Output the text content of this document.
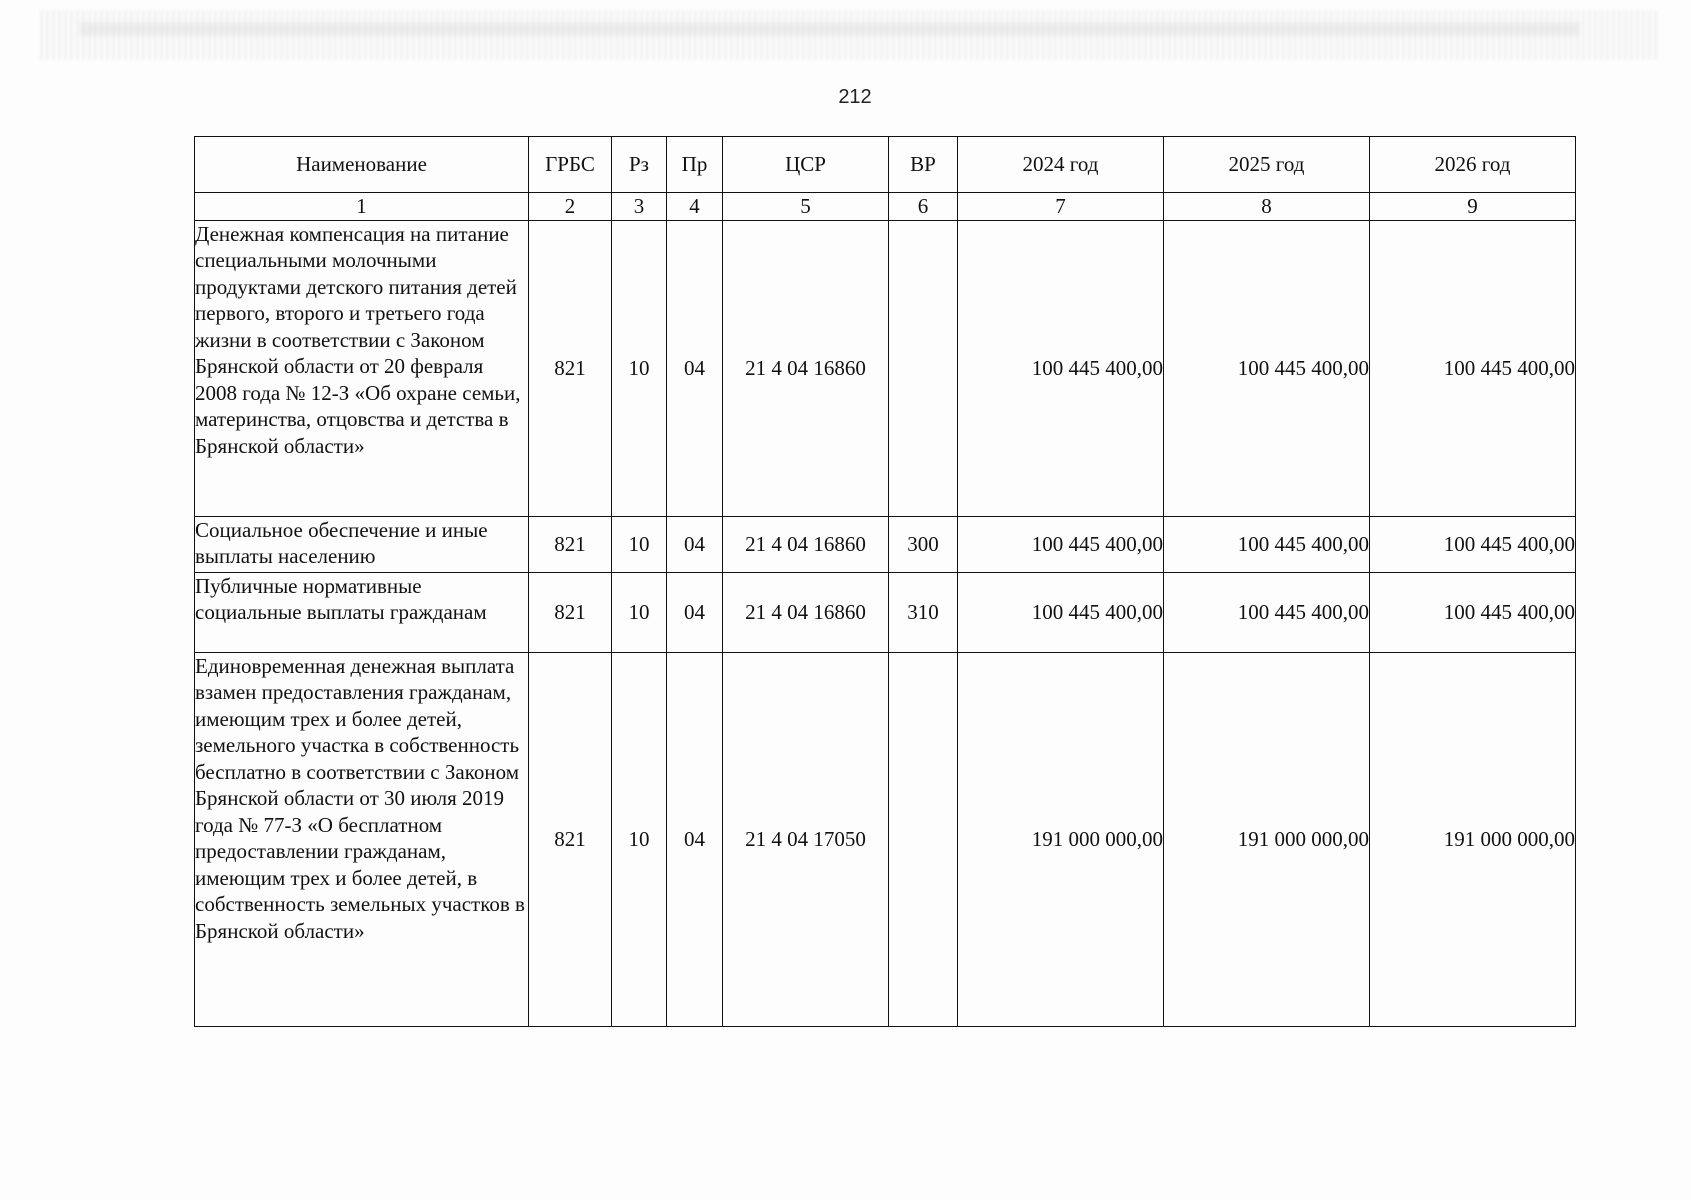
212
Наименование	ГРБС	Рз	Пр	ЦСР	ВР	2024 год	2025 год	2026 год
1	2	3	4	5	6	7	8	9
Денежная компенсация на питание специальными молочными продуктами детского питания детей первого, второго и третьего года жизни в соответствии с Законом Брянской области от 20 февраля 2008 года № 12-З «Об охране семьи, материнства, отцовства и детства в Брянской области»	821	10	04	21 4 04 16860		100 445 400,00	100 445 400,00	100 445 400,00
Социальное обеспечение и иные выплаты населению	821	10	04	21 4 04 16860	300	100 445 400,00	100 445 400,00	100 445 400,00
Публичные нормативные социальные выплаты гражданам	821	10	04	21 4 04 16860	310	100 445 400,00	100 445 400,00	100 445 400,00
Единовременная денежная выплата взамен предоставления гражданам, имеющим трех и более детей, земельного участка в собственность бесплатно в соответствии с Законом Брянской области от 30 июля 2019 года № 77-З «О бесплатном предоставлении гражданам, имеющим трех и более детей, в собственность земельных участков в Брянской области»	821	10	04	21 4 04 17050		191 000 000,00	191 000 000,00	191 000 000,00
